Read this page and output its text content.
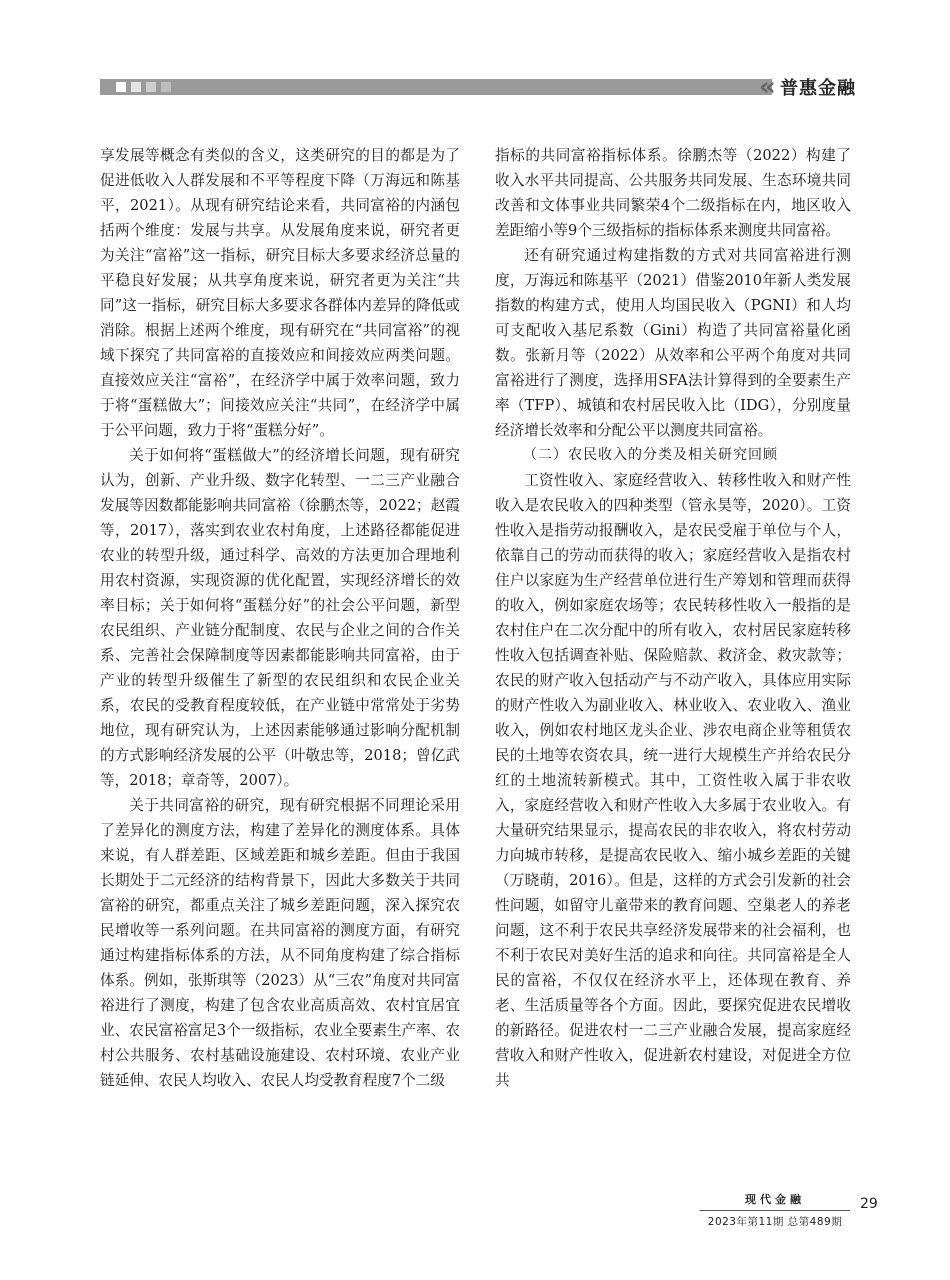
« 普惠金融

享发展等概念有类似的含义，这类研究的目的都是为了促进低收入人群发展和不平等程度下降（万海远和陈基平，2021）。从现有研究结论来看，共同富裕的内涵包括两个维度：发展与共享。从发展角度来说，研究者更为关注“富裕”这一指标，研究目标大多要求经济总量的平稳良好发展；从共享角度来说，研究者更为关注“共同”这一指标，研究目标大多要求各群体内差异的降低或消除。根据上述两个维度，现有研究在“共同富裕”的视域下探究了共同富裕的直接效应和间接效应两类问题。直接效应关注“富裕”，在经济学中属于效率问题，致力于将“蛋糕做大”；间接效应关注“共同”，在经济学中属于公平问题，致力于将“蛋糕分好”。

关于如何将“蛋糕做大”的经济增长问题，现有研究认为，创新、产业升级、数字化转型、一二三产业融合发展等因数都能影响共同富裕（徐鹏杰等，2022；赵霞等，2017），落实到农业农村角度，上述路径都能促进农业的转型升级，通过科学、高效的方法更加合理地利用农村资源，实现资源的优化配置，实现经济增长的效率目标；关于如何将“蛋糕分好”的社会公平问题，新型农民组织、产业链分配制度、农民与企业之间的合作关系、完善社会保障制度等因素都能影响共同富裕，由于产业的转型升级催生了新型的农民组织和农民企业关系，农民的受教育程度较低，在产业链中常常处于劣势地位，现有研究认为，上述因素能够通过影响分配机制的方式影响经济发展的公平（叶敬忠等，2018；曾亿武等，2018；章奇等，2007）。

关于共同富裕的研究，现有研究根据不同理论采用了差异化的测度方法，构建了差异化的测度体系。具体来说，有人群差距、区域差距和城乡差距。但由于我国长期处于二元经济的结构背景下，因此大多数关于共同富裕的研究，都重点关注了城乡差距问题，深入探究农民增收等一系列问题。在共同富裕的测度方面，有研究通过构建指标体系的方法，从不同角度构建了综合指标体系。例如，张斯琪等（2023）从“三农”角度对共同富裕进行了测度，构建了包含农业高质高效、农村宜居宜业、农民富裕富足3个一级指标，农业全要素生产率、农村公共服务、农村基础设施建设、农村环境、农业产业链延伸、农民人均收入、农民人均受教育程度7个二级

指标的共同富裕指标体系。徐鹏杰等（2022）构建了收入水平共同提高、公共服务共同发展、生态环境共同改善和文体事业共同繁荣4个二级指标在内，地区收入差距缩小等9个三级指标的指标体系来测度共同富裕。

还有研究通过构建指数的方式对共同富裕进行测度，万海远和陈基平（2021）借鉴2010年新人类发展指数的构建方式，使用人均国民收入（PGNI）和人均可支配收入基尼系数（Gini）构造了共同富裕量化函数。张新月等（2022）从效率和公平两个角度对共同富裕进行了测度，选择用SFA法计算得到的全要素生产率（TFP）、城镇和农村居民收入比（IDG），分别度量经济增长效率和分配公平以测度共同富裕。

（二）农民收入的分类及相关研究回顾

工资性收入、家庭经营收入、转移性收入和财产性收入是农民收入的四种类型（管永昊等，2020）。工资性收入是指劳动报酬收入，是农民受雇于单位与个人，依靠自己的劳动而获得的收入；家庭经营收入是指农村住户以家庭为生产经营单位进行生产筹划和管理而获得的收入，例如家庭农场等；农民转移性收入一般指的是农村住户在二次分配中的所有收入，农村居民家庭转移性收入包括调查补贴、保险赔款、救济金、救灾款等；农民的财产收入包括动产与不动产收入，具体应用实际的财产性收入为副业收入、林业收入、农业收入、渔业收入，例如农村地区龙头企业、涉农电商企业等租赁农民的土地等农资农具，统一进行大规模生产并给农民分红的土地流转新模式。其中，工资性收入属于非农收入，家庭经营收入和财产性收入大多属于农业收入。有大量研究结果显示，提高农民的非农收入，将农村劳动力向城市转移，是提高农民收入、缩小城乡差距的关键（万晓萌，2016）。但是，这样的方式会引发新的社会性问题，如留守儿童带来的教育问题、空巢老人的养老问题，这不利于农民共享经济发展带来的社会福利，也不利于农民对美好生活的追求和向往。共同富裕是全人民的富裕，不仅仅在经济水平上，还体现在教育、养老、生活质量等各个方面。因此，要探究促进农民增收的新路径。促进农村一二三产业融合发展，提高家庭经营收入和财产性收入，促进新农村建设，对促进全方位共

现代金融
2023年第11期 总第489期
29
